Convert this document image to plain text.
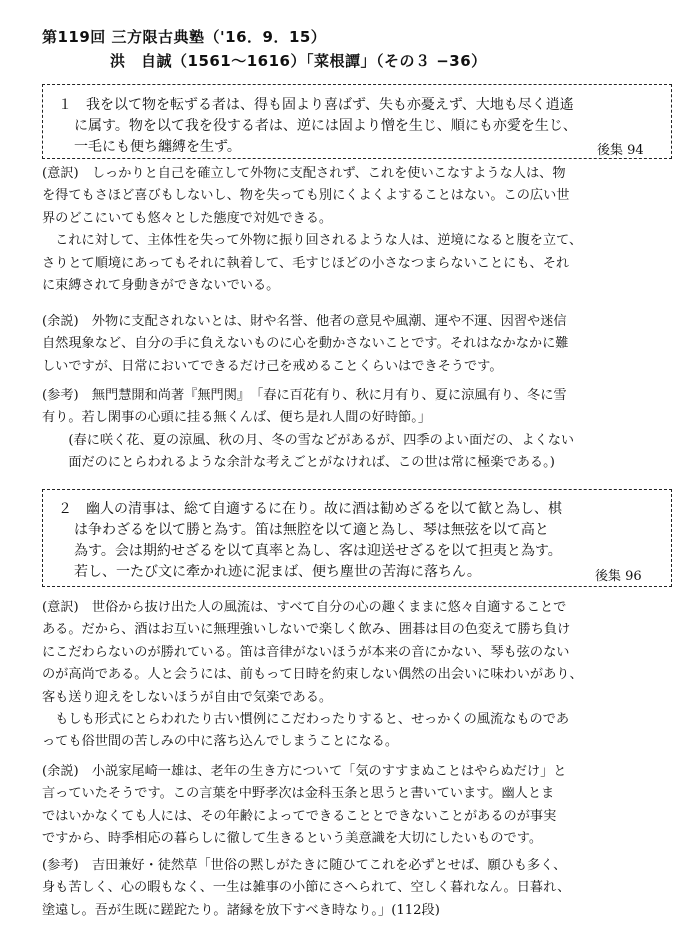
第119回 三方限古典塾（'16．9．15）
洪　自誠（1561〜1616）「菜根譚」（その３ −36）
１　我を以て物を転ずる者は、得も固より喜ばず、失も亦憂えず、大地も尽く逍遙
に属す。物を以て我を役する者は、逆には固より憎を生じ、順にも亦愛を生じ、
一毛にも便ち纏縛を生ず。	後集 94
(意訳)　しっかりと自己を確立して外物に支配されず、これを使いこなすような人は、物
を得てもさほど喜びもしないし、物を失っても別にくよくよすることはない。この広い世
界のどこにいても悠々とした態度で対処できる。
　これに対して、主体性を失って外物に振り回されるような人は、逆境になると腹を立て、
さりとて順境にあってもそれに執着して、毛すじほどの小さなつまらないことにも、それ
に束縛されて身動きができないでいる。
(余説)　外物に支配されないとは、財や名誉、他者の意見や風潮、運や不運、因習や迷信
自然現象など、自分の手に負えないものに心を動かさないことです。それはなかなかに難
しいですが、日常においてできるだけ己を戒めることくらいはできそうです。
(参考)　無門慧開和尚著『無門関』　「春に百花有り、秋に月有り、夏に涼風有り、冬に雪
有り。若し閑事の心頭に挂る無くんば、便ち是れ人間の好時節。」
　　(春に咲く花、夏の涼風、秋の月、冬の雪などがあるが、四季のよい面だの、よくない
　　面だのにとらわれるような余計な考えごとがなければ、この世は常に極楽である。)
２　幽人の清事は、総て自適するに在り。故に酒は勧めざるを以て歓と為し、棋
は争わざるを以て勝と為す。笛は無腔を以て適と為し、琴は無弦を以て高と
為す。会は期約せざるを以て真率と為し、客は迎送せざるを以て担夷と為す。
若し、一たび文に牽かれ迹に泥まば、便ち塵世の苦海に落ちん。	後集 96
(意訳)　世俗から抜け出た人の風流は、すべて自分の心の趣くままに悠々自適することで
ある。だから、酒はお互いに無理強いしないで楽しく飲み、囲碁は目の色変えて勝ち負け
にこだわらないのが勝れている。笛は音律がないほうが本来の音にかない、琴も弦のない
のが高尚である。人と会うには、前もって日時を約束しない偶然の出会いに味わいがあり、
客も送り迎えをしないほうが自由で気楽である。
　もしも形式にとらわれたり古い慣例にこだわったりすると、せっかくの風流なものであ
っても俗世間の苦しみの中に落ち込んでしまうことになる。
(余説)　小説家尾崎一雄は、老年の生き方について「気のすすまぬことはやらぬだけ」と
言っていたそうです。この言葉を中野孝次は金科玉条と思うと書いています。幽人とま
ではいかなくても人には、その年齢によってできることとできないことがあるのが事実
ですから、時季相応の暮らしに徹して生きるという美意識を大切にしたいものです。
(参考)　吉田兼好・徒然草「世俗の黙しがたきに随ひてこれを必ずとせば、願ひも多く、
身も苦しく、心の暇もなく、一生は雑事の小節にさへられて、空しく暮れなん。日暮れ、
塗遠し。吾が生既に蹉跎たり。諸縁を放下すべき時なり。」(112段)
